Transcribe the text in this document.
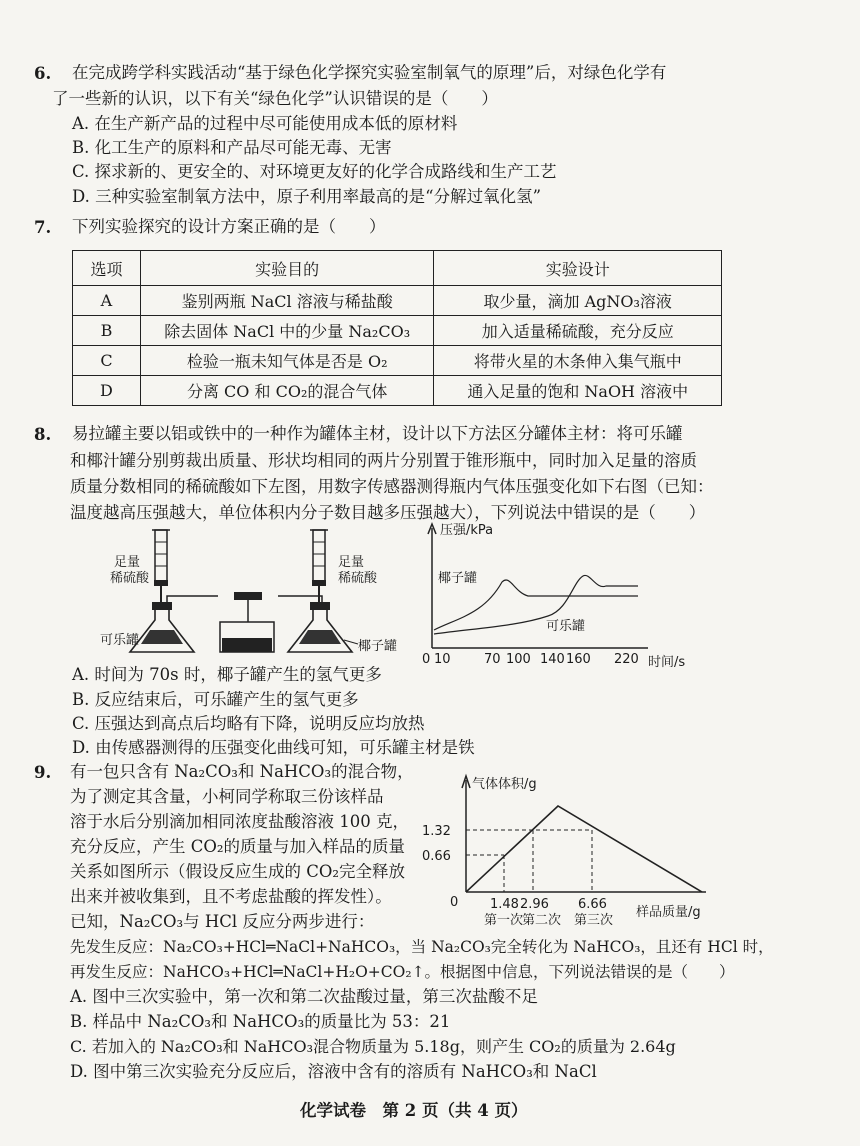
6. 在完成跨学科实践活动“基于绿色化学探究实验室制氧气的原理”后，对绿色化学有
了一些新的认识，以下有关“绿色化学”认识错误的是（　　）
A. 在生产新产品的过程中尽可能使用成本低的原材料
B. 化工生产的原料和产品尽可能无毒、无害
C. 探求新的、更安全的、对环境更友好的化学合成路线和生产工艺
D. 三种实验室制氧方法中，原子利用率最高的是“分解过氧化氢”
7. 下列实验探究的设计方案正确的是（　　）
选项	实验目的	实验设计
A	鉴别两瓶 NaCl 溶液与稀盐酸	取少量，滴加 AgNO₃溶液
B	除去固体 NaCl 中的少量 Na₂CO₃	加入适量稀硫酸，充分反应
C	检验一瓶未知气体是否是 O₂	将带火星的木条伸入集气瓶中
D	分离 CO 和 CO₂的混合气体	通入足量的饱和 NaOH 溶液中
8. 易拉罐主要以铝或铁中的一种作为罐体主材，设计以下方法区分罐体主材：将可乐罐
和椰汁罐分别剪裁出质量、形状均相同的两片分别置于锥形瓶中，同时加入足量的溶质
质量分数相同的稀硫酸如下左图，用数字传感器测得瓶内气体压强变化如下右图（已知：
温度越高压强越大，单位体积内分子数目越多压强越大），下列说法中错误的是（　　）
足量
稀硫酸
足量
稀硫酸
可乐罐	椰子罐
压强/kPa
椰子罐
可乐罐
0 10	70 100 140 160 220 时间/s
A. 时间为 70s 时，椰子罐产生的氢气更多
B. 反应结束后，可乐罐产生的氢气更多
C. 压强达到高点后均略有下降，说明反应均放热
D. 由传感器测得的压强变化曲线可知，可乐罐主材是铁
9. 有一包只含有 Na₂CO₃和 NaHCO₃的混合物，
为了测定其含量，小柯同学称取三份该样品
溶于水后分别滴加相同浓度盐酸溶液 100 克，
充分反应，产生 CO₂的质量与加入样品的质量
关系如图所示（假设反应生成的 CO₂完全释放
出来并被收集到，且不考虑盐酸的挥发性）。
已知，Na₂CO₃与 HCl 反应分两步进行：
气体体积/g
0
1.32
0.66
1.48 2.96 6.66
第一次
第二次 第三次
样品质量/g
先发生反应：Na₂CO₃+HCl═NaCl+NaHCO₃，当 Na₂CO₃完全转化为 NaHCO₃，且还有 HCl 时，
再发生反应：NaHCO₃+HCl═NaCl+H₂O+CO₂↑。根据图中信息，下列说法错误的是（　　）
A. 图中三次实验中，第一次和第二次盐酸过量，第三次盐酸不足
B. 样品中 Na₂CO₃和 NaHCO₃的质量比为 53：21
C. 若加入的 Na₂CO₃和 NaHCO₃混合物质量为 5.18g，则产生 CO₂的质量为 2.64g
D. 图中第三次实验充分反应后，溶液中含有的溶质有 NaHCO₃和 NaCl
化学试卷　第 2 页（共 4 页）
